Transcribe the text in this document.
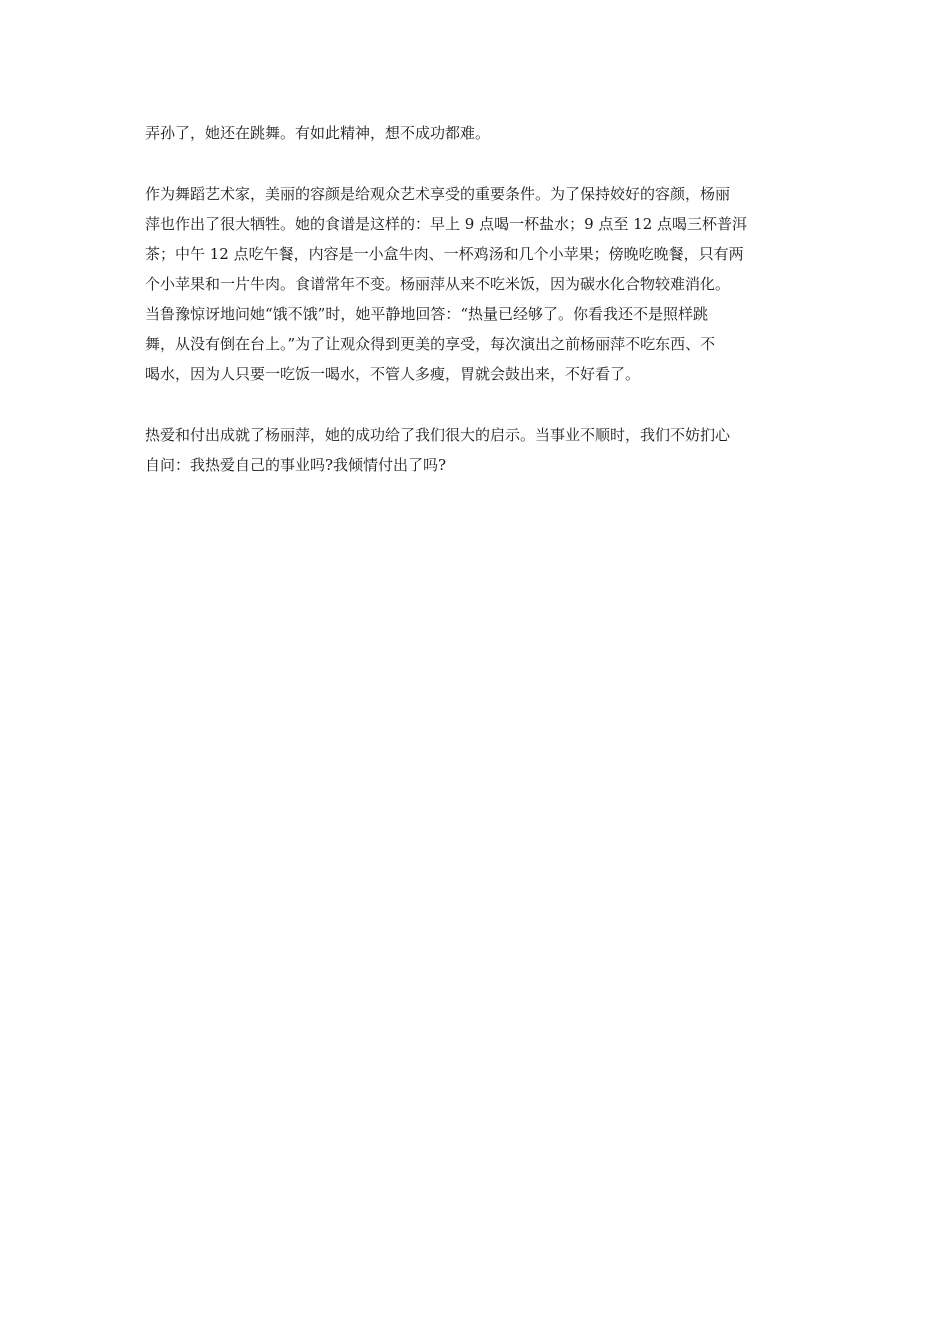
弄孙了，她还在跳舞。有如此精神，想不成功都难。

作为舞蹈艺术家，美丽的容颜是给观众艺术享受的重要条件。为了保持姣好的容颜，杨丽
萍也作出了很大牺牲。她的食谱是这样的：早上 9 点喝一杯盐水；9 点至 12 点喝三杯普洱
茶；中午 12 点吃午餐，内容是一小盒牛肉、一杯鸡汤和几个小苹果；傍晚吃晚餐，只有两
个小苹果和一片牛肉。食谱常年不变。杨丽萍从来不吃米饭，因为碳水化合物较难消化。
当鲁豫惊讶地问她“饿不饿”时，她平静地回答：“热量已经够了。你看我还不是照样跳
舞，从没有倒在台上。”为了让观众得到更美的享受，每次演出之前杨丽萍不吃东西、不
喝水，因为人只要一吃饭一喝水，不管人多瘦，胃就会鼓出来，不好看了。

热爱和付出成就了杨丽萍，她的成功给了我们很大的启示。当事业不顺时，我们不妨扪心
自问：我热爱自己的事业吗?我倾情付出了吗?
